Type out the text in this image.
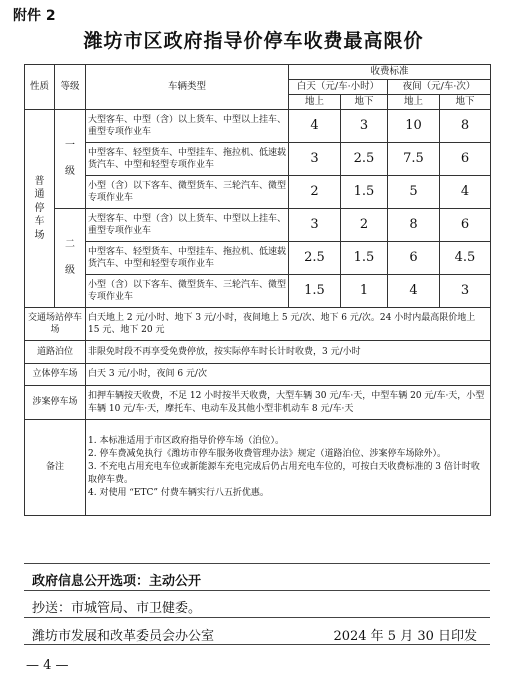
附件 2
潍坊市区政府指导价停车收费最高限价
性质	等级	车辆类型	收费标准			
			白天（元/车·小时）		夜间（元/车·次）	
			地上	地下	地上	地下

普通停车场	一级	大型客车、中型（含）以上货车、中型以上挂车、重型专项作业车	4	3	10	8
		中型客车、轻型货车、中型挂车、拖拉机、低速载货汽车、中型和轻型专项作业车	3	2.5	7.5	6
		小型（含）以下客车、微型货车、三轮汽车、微型专项作业车	2	1.5	5	4

	二级	大型客车、中型（含）以上货车、中型以上挂车、重型专项作业车	3	2	8	6
		中型客车、轻型货车、中型挂车、拖拉机、低速载货汽车、中型和轻型专项作业车	2.5	1.5	6	4.5
		小型（含）以下客车、微型货车、三轮汽车、微型专项作业车	1.5	1	4	3
交通场站停车场		白天地上 2 元/小时、地下 3 元/小时，夜间地上 5 元/次、地下 6 元/次。24 小时内最高限价地上 15 元、地下 20 元				
道路泊位		非限免时段不再享受免费停放，按实际停车时长计时收费，3 元/小时				
立体停车场		白天 3 元/小时，夜间 6 元/次				
涉案停车场		扣押车辆按天收费，不足 12 小时按半天收费，大型车辆 30 元/车·天，中型车辆 20 元/车·天，小型车辆 10 元/车·天，摩托车、电动车及其他小型非机动车 8 元/车·天				
备注		1. 本标准适用于市区政府指导价停车场（泊位）。
2. 停车费减免执行《潍坊市停车服务收费管理办法》规定（道路泊位、涉案停车场除外）。
3. 不充电占用充电车位或新能源车充电完成后仍占用充电车位的，可按白天收费标准的 3 倍计时收取停车费。
4. 对使用 “ETC” 付费车辆实行八五折优惠。				
政府信息公开选项：主动公开
抄送：市城管局、市卫健委。
潍坊市发展和改革委员会办公室	2024 年 5 月 30 日印发
— 4 —
